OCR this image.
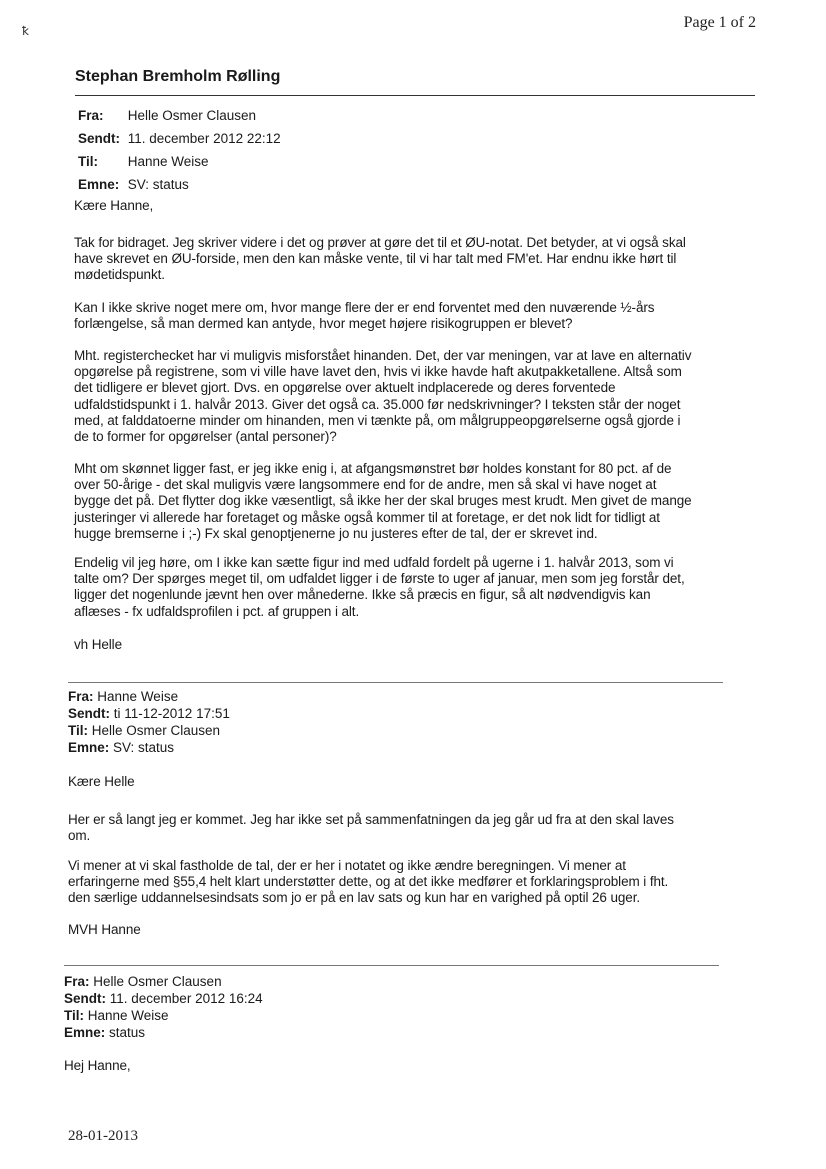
ꝁ	Page 1 of 2
Stephan Bremholm Rølling
Fra: Helle Osmer Clausen
Sendt: 11. december 2012 22:12
Til: Hanne Weise
Emne: SV: status
Kære Hanne,

Tak for bidraget. Jeg skriver videre i det og prøver at gøre det til et ØU-notat. Det betyder, at vi også skal

have skrevet en ØU-forside, men den kan måske vente, til vi har talt med FM'et. Har endnu ikke hørt til

mødetidspunkt.

Kan I ikke skrive noget mere om, hvor mange flere der er end forventet med den nuværende ½-års

forlængelse, så man dermed kan antyde, hvor meget højere risikogruppen er blevet?

Mht. registerchecket har vi muligvis misforstået hinanden. Det, der var meningen, var at lave en alternativ

opgørelse på registrene, som vi ville have lavet den, hvis vi ikke havde haft akutpakketallene. Altså som

det tidligere er blevet gjort. Dvs. en opgørelse over aktuelt indplacerede og deres forventede

udfaldstidspunkt i 1. halvår 2013. Giver det også ca. 35.000 før nedskrivninger? I teksten står der noget

med, at falddatoerne minder om hinanden, men vi tænkte på, om målgruppeopgørelserne også gjorde i

de to former for opgørelser (antal personer)?

Mht om skønnet ligger fast, er jeg ikke enig i, at afgangsmønstret bør holdes konstant for 80 pct. af de

over 50-årige - det skal muligvis være langsommere end for de andre, men så skal vi have noget at

bygge det på. Det flytter dog ikke væsentligt, så ikke her der skal bruges mest krudt. Men givet de mange

justeringer vi allerede har foretaget og måske også kommer til at foretage, er det nok lidt for tidligt at

hugge bremserne i ;-) Fx skal genoptjenerne jo nu justeres efter de tal, der er skrevet ind.

Endelig vil jeg høre, om I ikke kan sætte figur ind med udfald fordelt på ugerne i 1. halvår 2013, som vi

talte om? Der spørges meget til, om udfaldet ligger i de første to uger af januar, men som jeg forstår det,

ligger det nogenlunde jævnt hen over månederne. Ikke så præcis en figur, så alt nødvendigvis kan

aflæses - fx udfaldsprofilen i pct. af gruppen i alt.

vh Helle
Fra: Hanne Weise
Sendt: ti 11-12-2012 17:51
Til: Helle Osmer Clausen
Emne: SV: status
Kære Helle

Her er så langt jeg er kommet. Jeg har ikke set på sammenfatningen da jeg går ud fra at den skal laves

om.

Vi mener at vi skal fastholde de tal, der er her i notatet og ikke ændre beregningen. Vi mener at

erfaringerne med §55,4 helt klart understøtter dette, og at det ikke medfører et forklaringsproblem i fht.

den særlige uddannelsesindsats som jo er på en lav sats og kun har en varighed på optil 26 uger.

MVH Hanne
Fra: Helle Osmer Clausen
Sendt: 11. december 2012 16:24
Til: Hanne Weise
Emne: status
Hej Hanne,
28-01-2013
